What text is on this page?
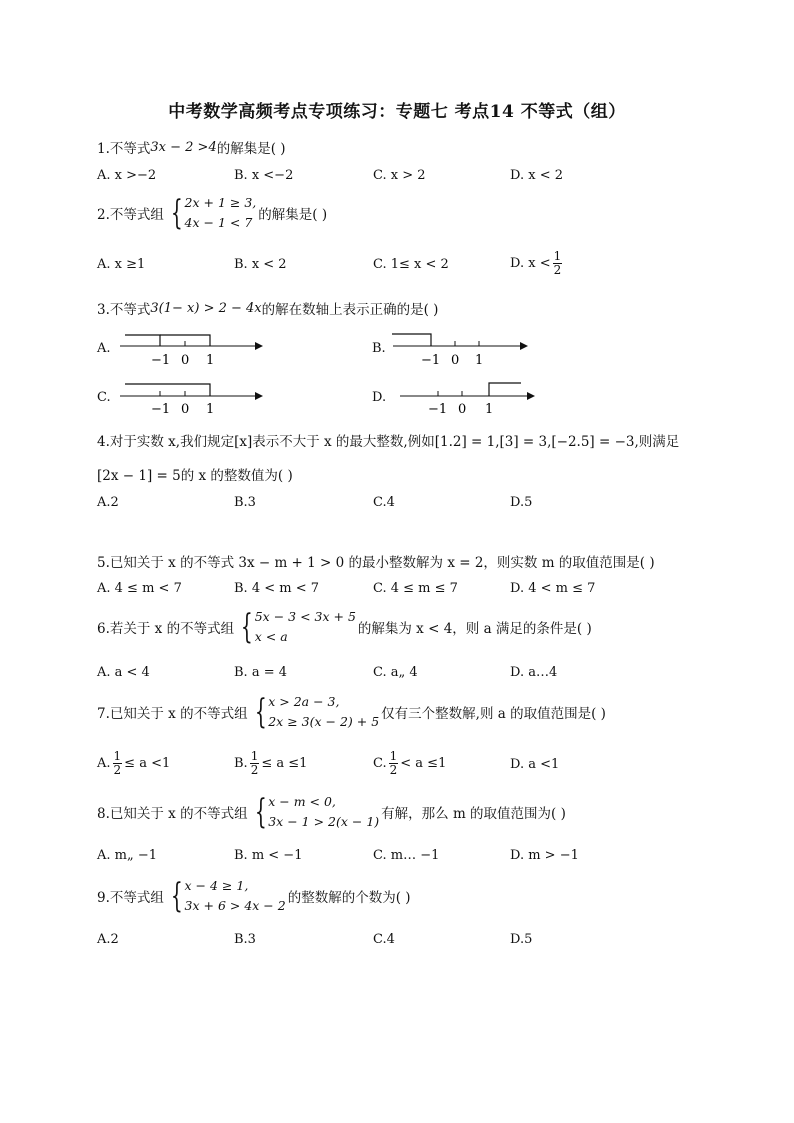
中考数学高频考点专项练习：专题七 考点14 不等式（组）
1.不等式 3x − 2 >4 的解集是( )
A. x >−2	B. x <−2	C. x > 2	D. x < 2
2.不等式组 { 2x + 1 ≥ 3,
4x − 1 < 7 的解集是( )
A. x ≥1	B. x < 2	C. 1≤ x < 2	D. $x < \frac{1}{2}$
3.不等式 3(1− x) > 2 − 4x 的解在数轴上表示正确的是( )
A.
−1 0 1
B.
−1 0 1
C.
−1 0 1
D.
−1 0 1
4.对于实数 x,我们规定[x]表示不大于 x 的最大整数,例如[1.2] = 1,[3] = 3,[−2.5] = −3,则满足
[2x − 1] = 5的 x 的整数值为( )
A.2	B.3	C.4	D.5
5.已知关于 x 的不等式 3x − m + 1 > 0 的最小整数解为 x = 2，则实数 m 的取值范围是( )
A. 4 ≤ m < 7	B. 4 < m < 7	C. 4 ≤ m ≤ 7	D. 4 < m ≤ 7
6.若关于 x 的不等式组 { 5x − 3 < 3x + 5
x < a	的解集为 x < 4，则 a 满足的条件是( )
A. a < 4	B. a = 4	C. a„ 4	D. a…4
7.已知关于 x 的不等式组 { x > 2a − 3,
2x ≥ 3(x − 2) + 5 仅有三个整数解,则 a 的取值范围是( )
A. $\frac{1}{2} \le a <1$	B. $\frac{1}{2} \le a \le 1$	C. $\frac{1}{2} < a \le 1$	D. a <1
8.已知关于 x 的不等式组 { x − m < 0,
3x − 1 > 2(x − 1) 有解，那么 m 的取值范围为( )
A. m„ −1	B. m < −1	C. m… −1	D. m > −1
9.不等式组 { x − 4 ≥ 1,
3x + 6 > 4x − 2 的整数解的个数为( )
A.2	B.3	C.4	D.5
